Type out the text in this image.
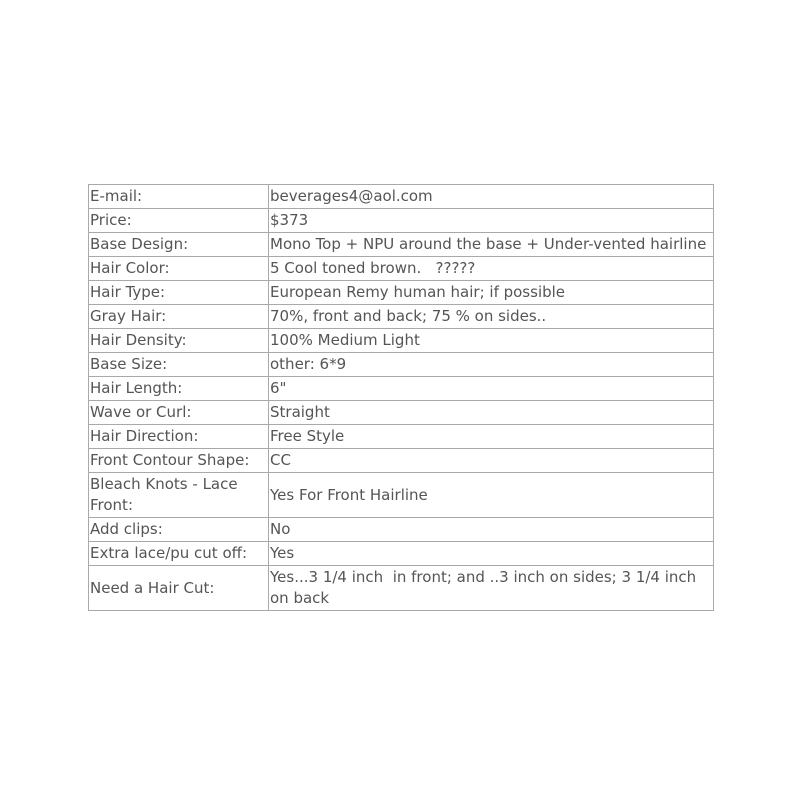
E-mail:	beverages4@aol.com
Price:	$373
Base Design:	Mono Top + NPU around the base + Under-vented hairline
Hair Color:	5 Cool toned brown.   ?????
Hair Type:	European Remy human hair; if possible
Gray Hair:	70%, front and back; 75 % on sides..
Hair Density:	100% Medium Light
Base Size:	other: 6*9
Hair Length:	6"
Wave or Curl:	Straight
Hair Direction:	Free Style
Front Contour Shape:	CC
Bleach Knots - Lace Front:	Yes For Front Hairline
Add clips:	No
Extra lace/pu cut off:	Yes
Need a Hair Cut:	Yes...3 1/4 inch  in front; and ..3 inch on sides; 3 1/4 inch  on back
